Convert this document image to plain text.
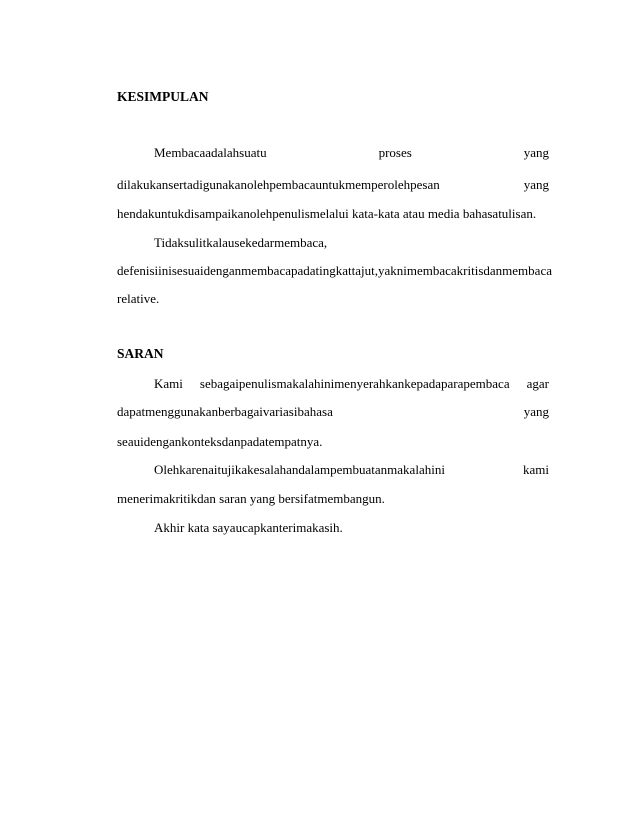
KESIMPULAN
Membacaadalahsuatu	proses	yang
dilakukansertadigunakanolehpembacauntukmemperolehpesan	yang
hendakuntukdisampaikanolehpenulismelalui kata-kata atau media bahasatulisan.
Tidaksulitkalausekedarmembaca,
defenisiinisesuaidenganmembacapadatingkattajut, yaknimembacakritisdanmembaca
relative.
SARAN
Kami sebagaipenulismakalahinimenyerahkankepadaparapembaca agar
dapatmenggunakanberbagaivariasibahasa	yang
seauidengankonteksdanpadatempatnya.
Olehkarenaitujikakesalahandalampembuatanmakalahini	kami
menerimakritikdan saran yang bersifatmembangun.
Akhir kata sayaucapkanterimakasih.
